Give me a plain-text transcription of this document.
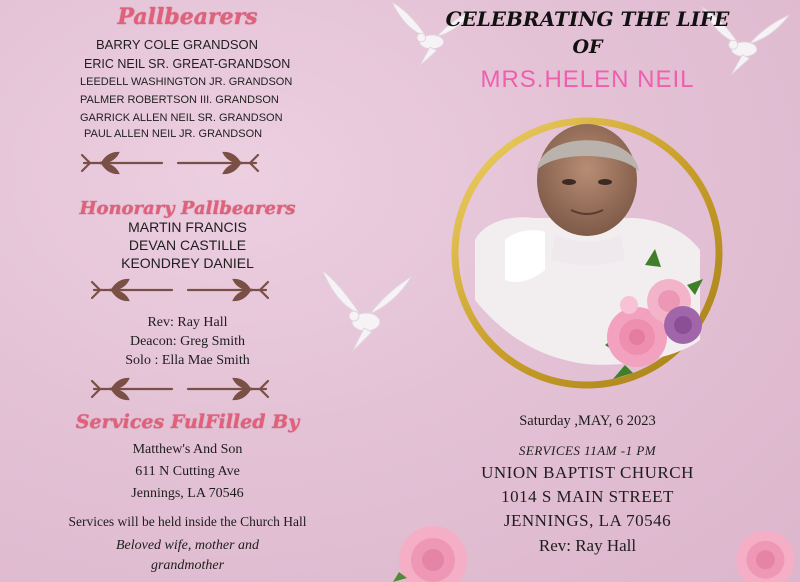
Pallbearers
BARRY COLE GRANDSON
ERIC NEIL SR. GREAT-GRANDSON
LEEDELL WASHINGTON JR. GRANDSON
PALMER ROBERTSON III. GRANDSON
GARRICK ALLEN NEIL SR. GRANDSON
PAUL ALLEN NEIL JR. GRANDSON
Honorary Pallbearers
MARTIN FRANCIS
DEVAN CASTILLE
KEONDREY DANIEL
Rev: Ray Hall
Deacon: Greg Smith
Solo : Ella Mae Smith
Services FulFilled By
Matthew's And Son
611 N Cutting Ave
Jennings, LA 70546
Services will be held inside the Church Hall
Beloved wife, mother and
grandmother
CELEBRATING THE LIFE
OF
MRS.HELEN NEIL
Saturday ,MAY, 6 2023
SERVICES 11AM -1 PM
UNION BAPTIST CHURCH
1014 S MAIN STREET
JENNINGS, LA 70546
Rev: Ray Hall
